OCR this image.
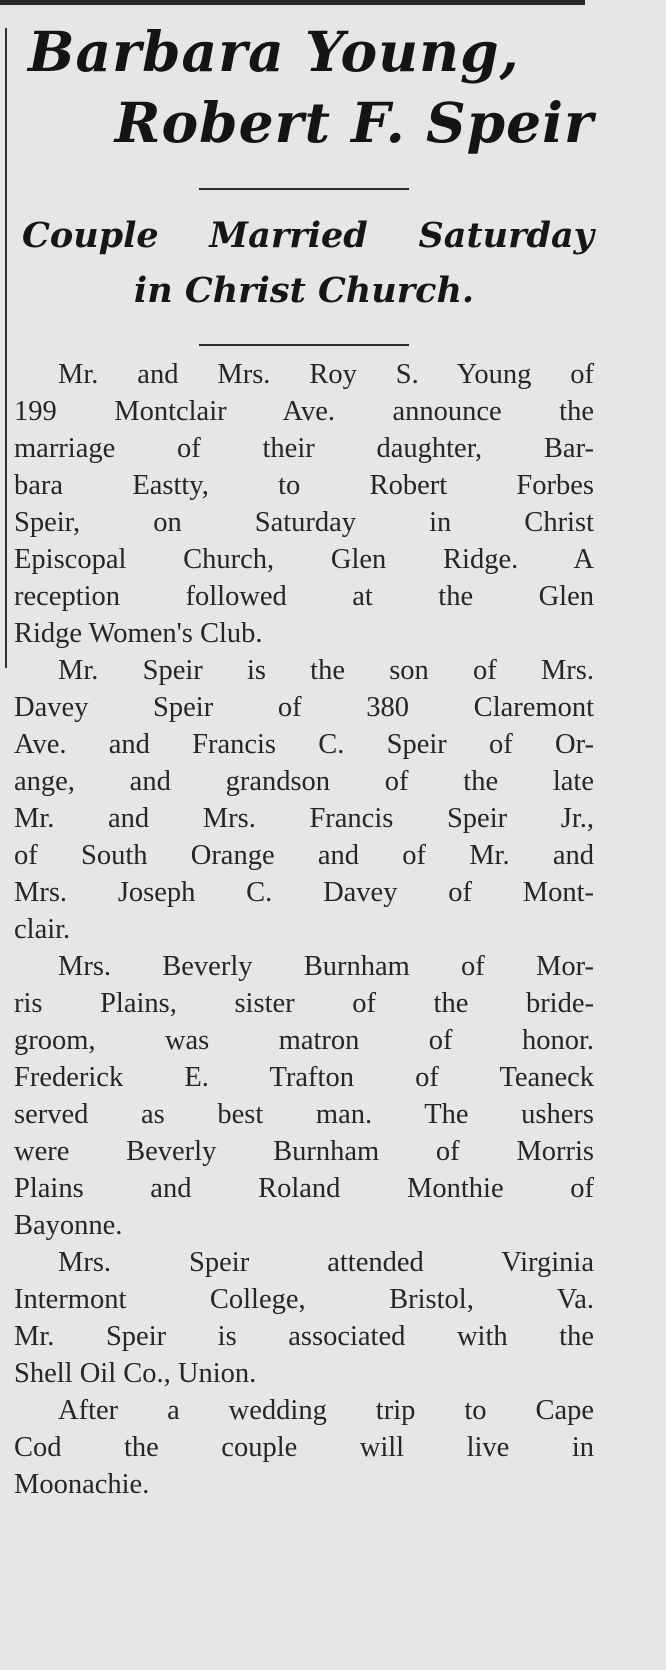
Barbara Young,
Robert F. Speir
Couple Married Saturday
in Christ Church.

Mr. and Mrs. Roy S. Young of
199 Montclair Ave. announce the
marriage of their daughter, Bar-
bara Eastty, to Robert Forbes
Speir, on Saturday in Christ
Episcopal Church, Glen Ridge. A
reception followed at the Glen
Ridge Women's Club.

Mr. Speir is the son of Mrs.
Davey Speir of 380 Claremont
Ave. and Francis C. Speir of Or-
ange, and grandson of the late
Mr. and Mrs. Francis Speir Jr.,
of South Orange and of Mr. and
Mrs. Joseph C. Davey of Mont-
clair.

Mrs. Beverly Burnham of Mor-
ris Plains, sister of the bride-
groom, was matron of honor.
Frederick E. Trafton of Teaneck
served as best man. The ushers
were Beverly Burnham of Morris
Plains and Roland Monthie of
Bayonne.

Mrs. Speir attended Virginia
Intermont College, Bristol, Va.
Mr. Speir is associated with the
Shell Oil Co., Union.

After a wedding trip to Cape
Cod the couple will live in
Moonachie.
